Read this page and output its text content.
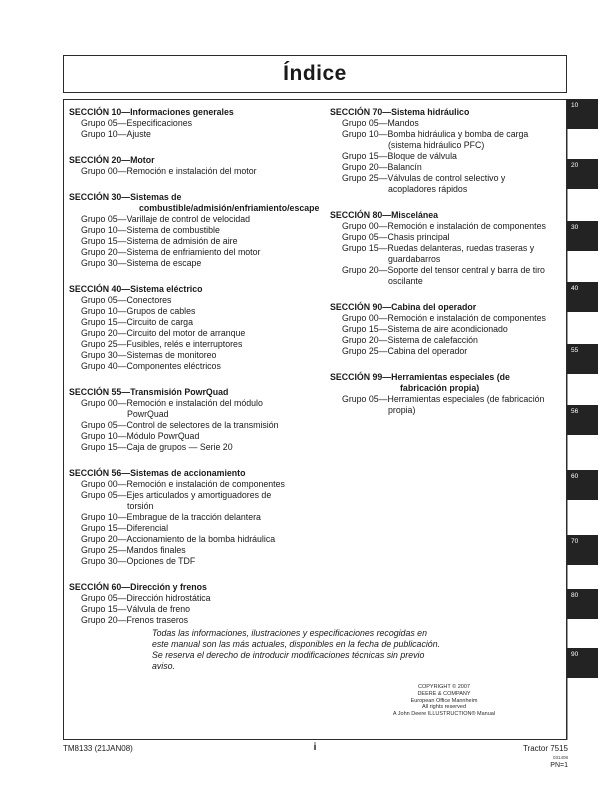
Índice
SECCIÓN 10—Informaciones generales
Grupo 05—Especificaciones
Grupo 10—Ajuste
SECCIÓN 20—Motor
Grupo 00—Remoción e instalación del motor
SECCIÓN 30—Sistemas de
combustible/admisión/enfriamiento/escape
Grupo 05—Varillaje de control de velocidad
Grupo 10—Sistema de combustible
Grupo 15—Sistema de admisión de aire
Grupo 20—Sistema de enfriamiento del motor
Grupo 30—Sistema de escape
SECCIÓN 40—Sistema eléctrico
Grupo 05—Conectores
Grupo 10—Grupos de cables
Grupo 15—Circuito de carga
Grupo 20—Circuito del motor de arranque
Grupo 25—Fusibles, relés e interruptores
Grupo 30—Sistemas de monitoreo
Grupo 40—Componentes eléctricos
SECCIÓN 55—Transmisión PowrQuad
Grupo 00—Remoción e instalación del módulo
PowrQuad
Grupo 05—Control de selectores de la transmisión
Grupo 10—Módulo PowrQuad
Grupo 15—Caja de grupos — Serie 20
SECCIÓN 56—Sistemas de accionamiento
Grupo 00—Remoción e instalación de componentes
Grupo 05—Ejes articulados y amortiguadores de
torsión
Grupo 10—Embrague de la tracción delantera
Grupo 15—Diferencial
Grupo 20—Accionamiento de la bomba hidráulica
Grupo 25—Mandos finales
Grupo 30—Opciones de TDF
SECCIÓN 60—Dirección y frenos
Grupo 05—Dirección hidrostática
Grupo 15—Válvula de freno
Grupo 20—Frenos traseros
SECCIÓN 70—Sistema hidráulico
Grupo 05—Mandos
Grupo 10—Bomba hidráulica y bomba de carga
(sistema hidráulico PFC)
Grupo 15—Bloque de válvula
Grupo 20—Balancín
Grupo 25—Válvulas de control selectivo y
acopladores rápidos
SECCIÓN 80—Miscelánea
Grupo 00—Remoción e instalación de componentes
Grupo 05—Chasis principal
Grupo 15—Ruedas delanteras, ruedas traseras y
guardabarros
Grupo 20—Soporte del tensor central y barra de tiro
oscilante
SECCIÓN 90—Cabina del operador
Grupo 00—Remoción e instalación de componentes
Grupo 15—Sistema de aire acondicionado
Grupo 20—Sistema de calefacción
Grupo 25—Cabina del operador
SECCIÓN 99—Herramientas especiales (de
fabricación propia)
Grupo 05—Herramientas especiales (de fabricación
propia)
Todas las informaciones, ilustraciones y especificaciones recogidas en
este manual son las más actuales, disponibles en la fecha de publicación.
Se reserva el derecho de introducir modificaciones técnicas sin previo
aviso.
COPYRIGHT © 2007
DEERE & COMPANY
European Office Mannheim
All rights reserved
A John Deere ILLUSTRUCTION® Manual
10
20
30
40
55
56
60
70
80
90
TM8133 (21JAN08)	i	Tractor 7515
031408
PN=1
